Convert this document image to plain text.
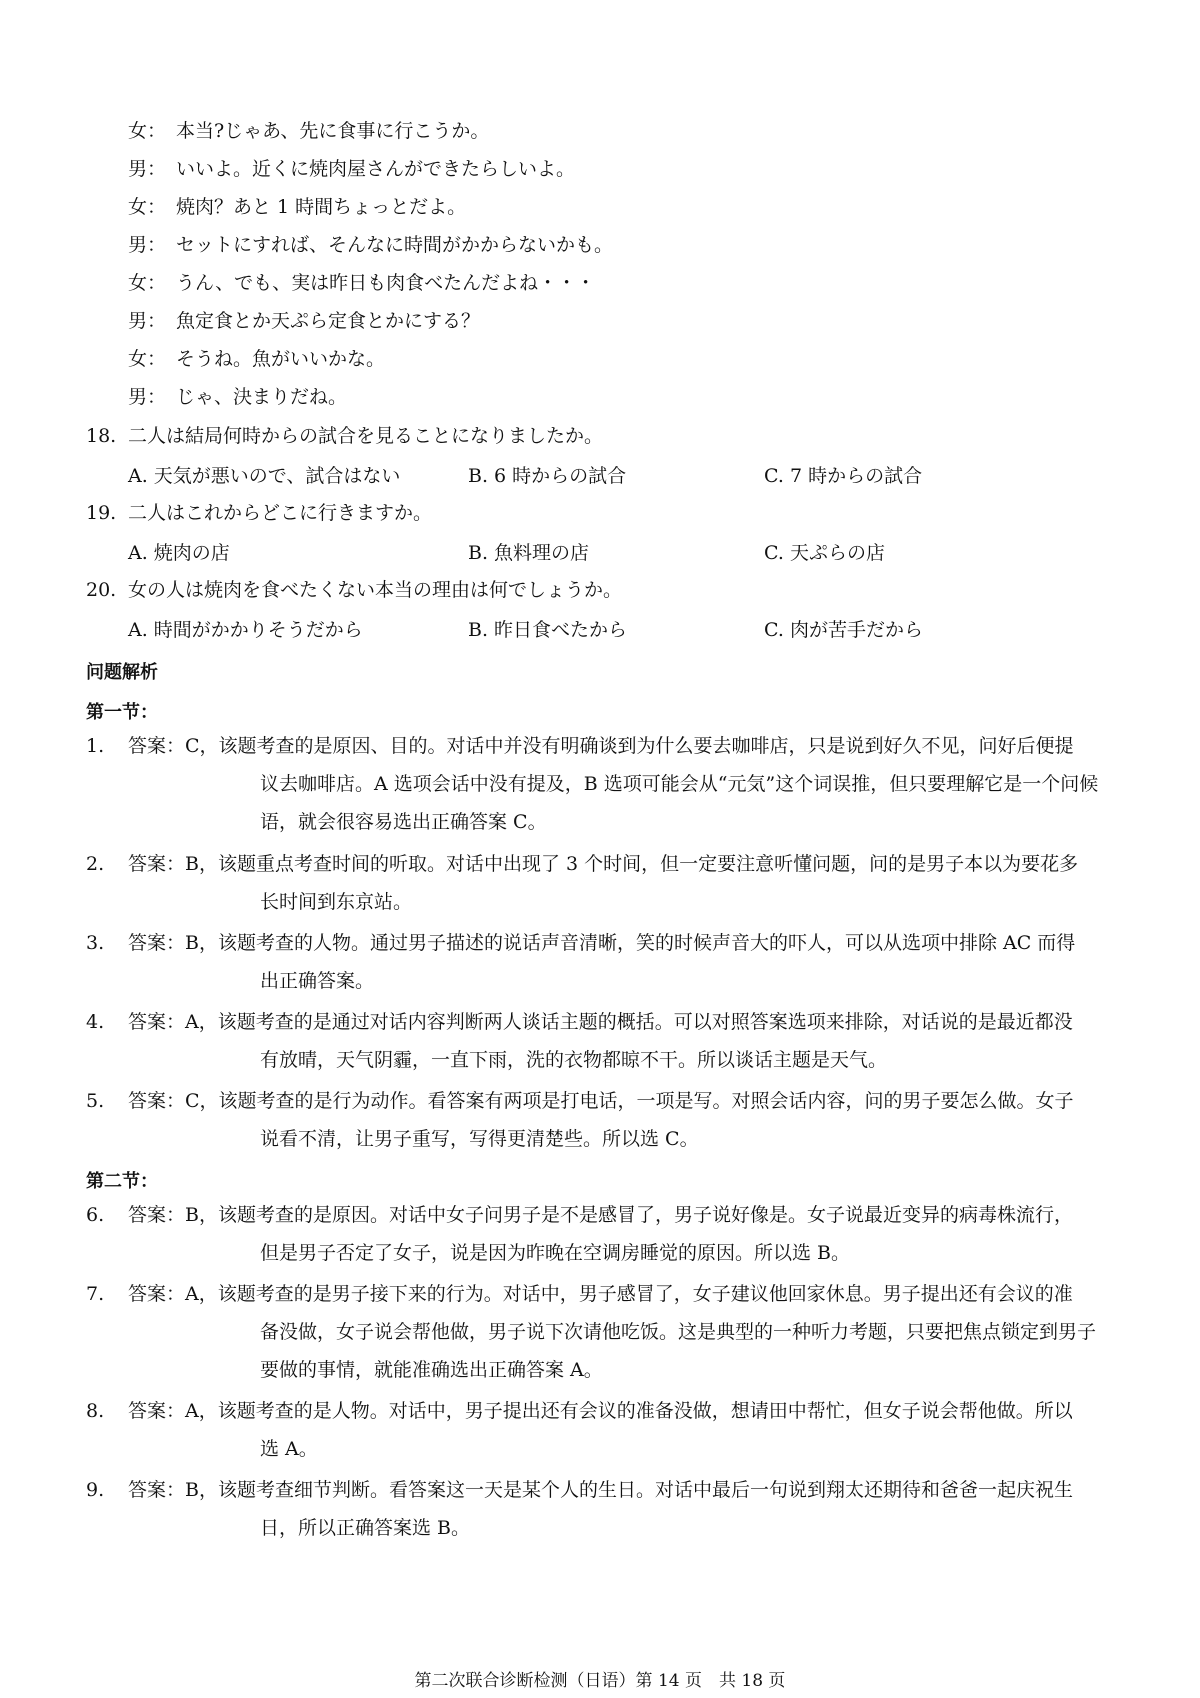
女： 本当?じゃあ、先に食事に行こうか。
男： いいよ。近くに焼肉屋さんができたらしいよ。
女： 焼肉？あと 1 時間ちょっとだよ。
男： セットにすれば、そんなに時間がかからないかも。
女： うん、でも、実は昨日も肉食べたんだよね・・・
男： 魚定食とか天ぷら定食とかにする？
女： そうね。魚がいいかな。
男： じゃ、決まりだね。
18. 二人は結局何時からの試合を見ることになりましたか。
A. 天気が悪いので、試合はない	B. 6 時からの試合	C. 7 時からの試合
19. 二人はこれからどこに行きますか。
A. 焼肉の店	B. 魚料理の店	C. 天ぷらの店
20. 女の人は焼肉を食べたくない本当の理由は何でしょうか。
A. 時間がかかりそうだから	B. 昨日食べたから	C. 肉が苦手だから
问题解析
第一节：
1. 答案：C，该题考查的是原因、目的。对话中并没有明确谈到为什么要去咖啡店，只是说到好久不见，问好后便提
议去咖啡店。A 选项会话中没有提及，B 选项可能会从“元気”这个词误推，但只要理解它是一个问候
语，就会很容易选出正确答案 C。
2. 答案：B，该题重点考查时间的听取。对话中出现了 3 个时间，但一定要注意听懂问题，问的是男子本以为要花多
长时间到东京站。
3. 答案：B，该题考查的人物。通过男子描述的说话声音清晰，笑的时候声音大的吓人，可以从选项中排除 AC 而得
出正确答案。
4. 答案：A，该题考查的是通过对话内容判断两人谈话主题的概括。可以对照答案选项来排除，对话说的是最近都没
有放晴，天气阴霾，一直下雨，洗的衣物都晾不干。所以谈话主题是天气。
5. 答案：C，该题考查的是行为动作。看答案有两项是打电话，一项是写。对照会话内容，问的男子要怎么做。女子
说看不清，让男子重写，写得更清楚些。所以选 C。
第二节：
6. 答案：B，该题考查的是原因。对话中女子问男子是不是感冒了，男子说好像是。女子说最近变异的病毒株流行，
但是男子否定了女子，说是因为昨晚在空调房睡觉的原因。所以选 B。
7. 答案：A，该题考查的是男子接下来的行为。对话中，男子感冒了，女子建议他回家休息。男子提出还有会议的准
备没做，女子说会帮他做，男子说下次请他吃饭。这是典型的一种听力考题，只要把焦点锁定到男子
要做的事情，就能准确选出正确答案 A。
8. 答案：A，该题考查的是人物。对话中，男子提出还有会议的准备没做，想请田中帮忙，但女子说会帮他做。所以
选 A。
9. 答案：B，该题考查细节判断。看答案这一天是某个人的生日。对话中最后一句说到翔太还期待和爸爸一起庆祝生
日，所以正确答案选 B。
第二次联合诊断检测（日语）第 14 页　共 18 页
